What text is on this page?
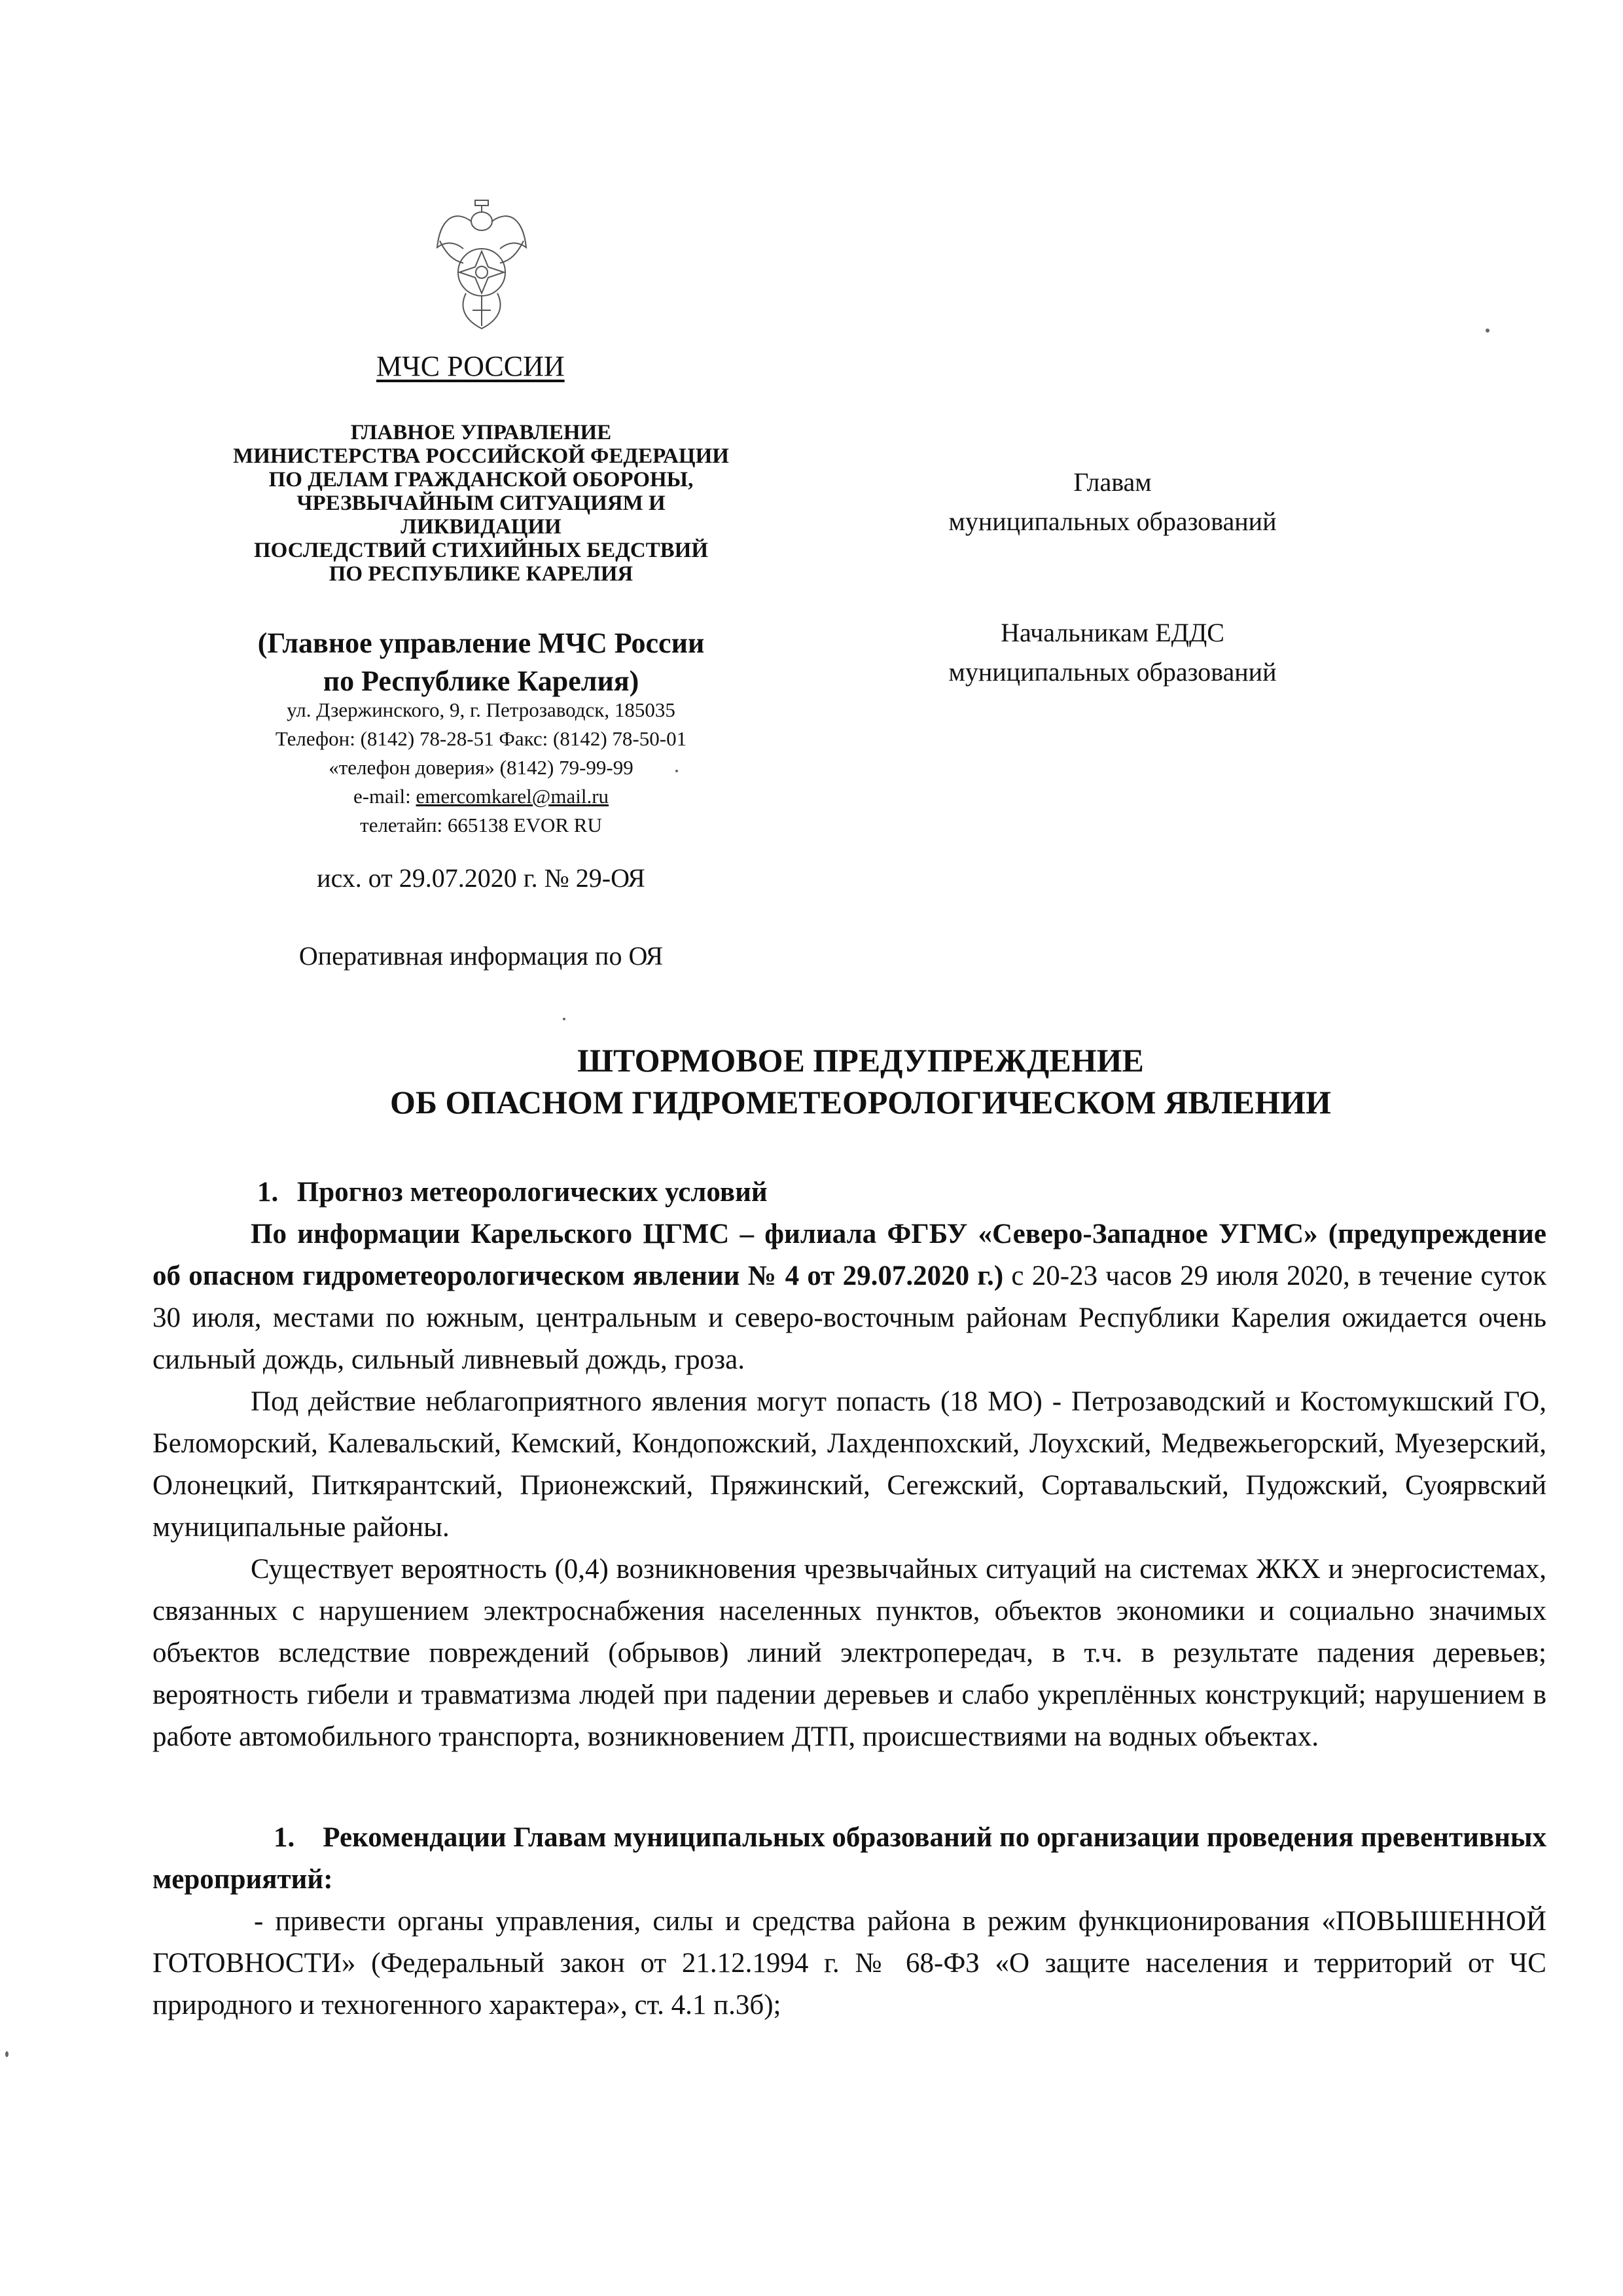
МЧС РОССИИ
ГЛАВНОЕ УПРАВЛЕНИЕ
МИНИСТЕРСТВА РОССИЙСКОЙ ФЕДЕРАЦИИ
ПО ДЕЛАМ ГРАЖДАНСКОЙ ОБОРОНЫ,
ЧРЕЗВЫЧАЙНЫМ СИТУАЦИЯМ И
ЛИКВИДАЦИИ
ПОСЛЕДСТВИЙ СТИХИЙНЫХ БЕДСТВИЙ
ПО РЕСПУБЛИКЕ КАРЕЛИЯ
(Главное управление МЧС России
по Республике Карелия)
ул. Дзержинского, 9, г. Петрозаводск, 185035
Телефон: (8142) 78-28-51 Факс: (8142) 78-50-01
«телефон доверия» (8142) 79-99-99
e-mail: emercomkarel@mail.ru
телетайп: 665138 EVOR RU
исх. от 29.07.2020 г. № 29-ОЯ
Оперативная информация по ОЯ
Главам
муниципальных образований
Начальникам ЕДДС
муниципальных образований
ШТОРМОВОЕ ПРЕДУПРЕЖДЕНИЕ
ОБ ОПАСНОМ ГИДРОМЕТЕОРОЛОГИЧЕСКОМ ЯВЛЕНИИ

1. Прогноз метеорологических условий

По информации Карельского ЦГМС – филиала ФГБУ «Северо-Западное УГМС» (предупреждение об опасном гидрометеорологическом явлении № 4 от 29.07.2020 г.) с 20-23 часов 29 июля 2020, в течение суток 30 июля, местами по южным, центральным и северо-восточным районам Республики Карелия ожидается очень сильный дождь, сильный ливневый дождь, гроза.

Под действие неблагоприятного явления могут попасть (18 МО) - Петрозаводский и Костомукшский ГО, Беломорский, Калевальский, Кемский, Кондопожский, Лахденпохский, Лоухский, Медвежьегорский, Муезерский, Олонецкий, Питкярантский, Прионежский, Пряжинский, Сегежский, Сортавальский, Пудожский, Суоярвский муниципальные районы.

Существует вероятность (0,4) возникновения чрезвычайных ситуаций на системах ЖКХ и энергосистемах, связанных с нарушением электроснабжения населенных пунктов, объектов экономики и социально значимых объектов вследствие повреждений (обрывов) линий электропередач, в т.ч. в результате падения деревьев; вероятность гибели и травматизма людей при падении деревьев и слабо укреплённых конструкций; нарушением в работе автомобильного транспорта, возникновением ДТП, происшествиями на водных объектах.

1. Рекомендации Главам муниципальных образований по организации проведения превентивных мероприятий:

- привести органы управления, силы и средства района в режим функционирования «ПОВЫШЕННОЙ ГОТОВНОСТИ» (Федеральный закон от 21.12.1994 г. № 68-ФЗ «О защите населения и территорий от ЧС природного и техногенного характера», ст. 4.1 п.3б);
